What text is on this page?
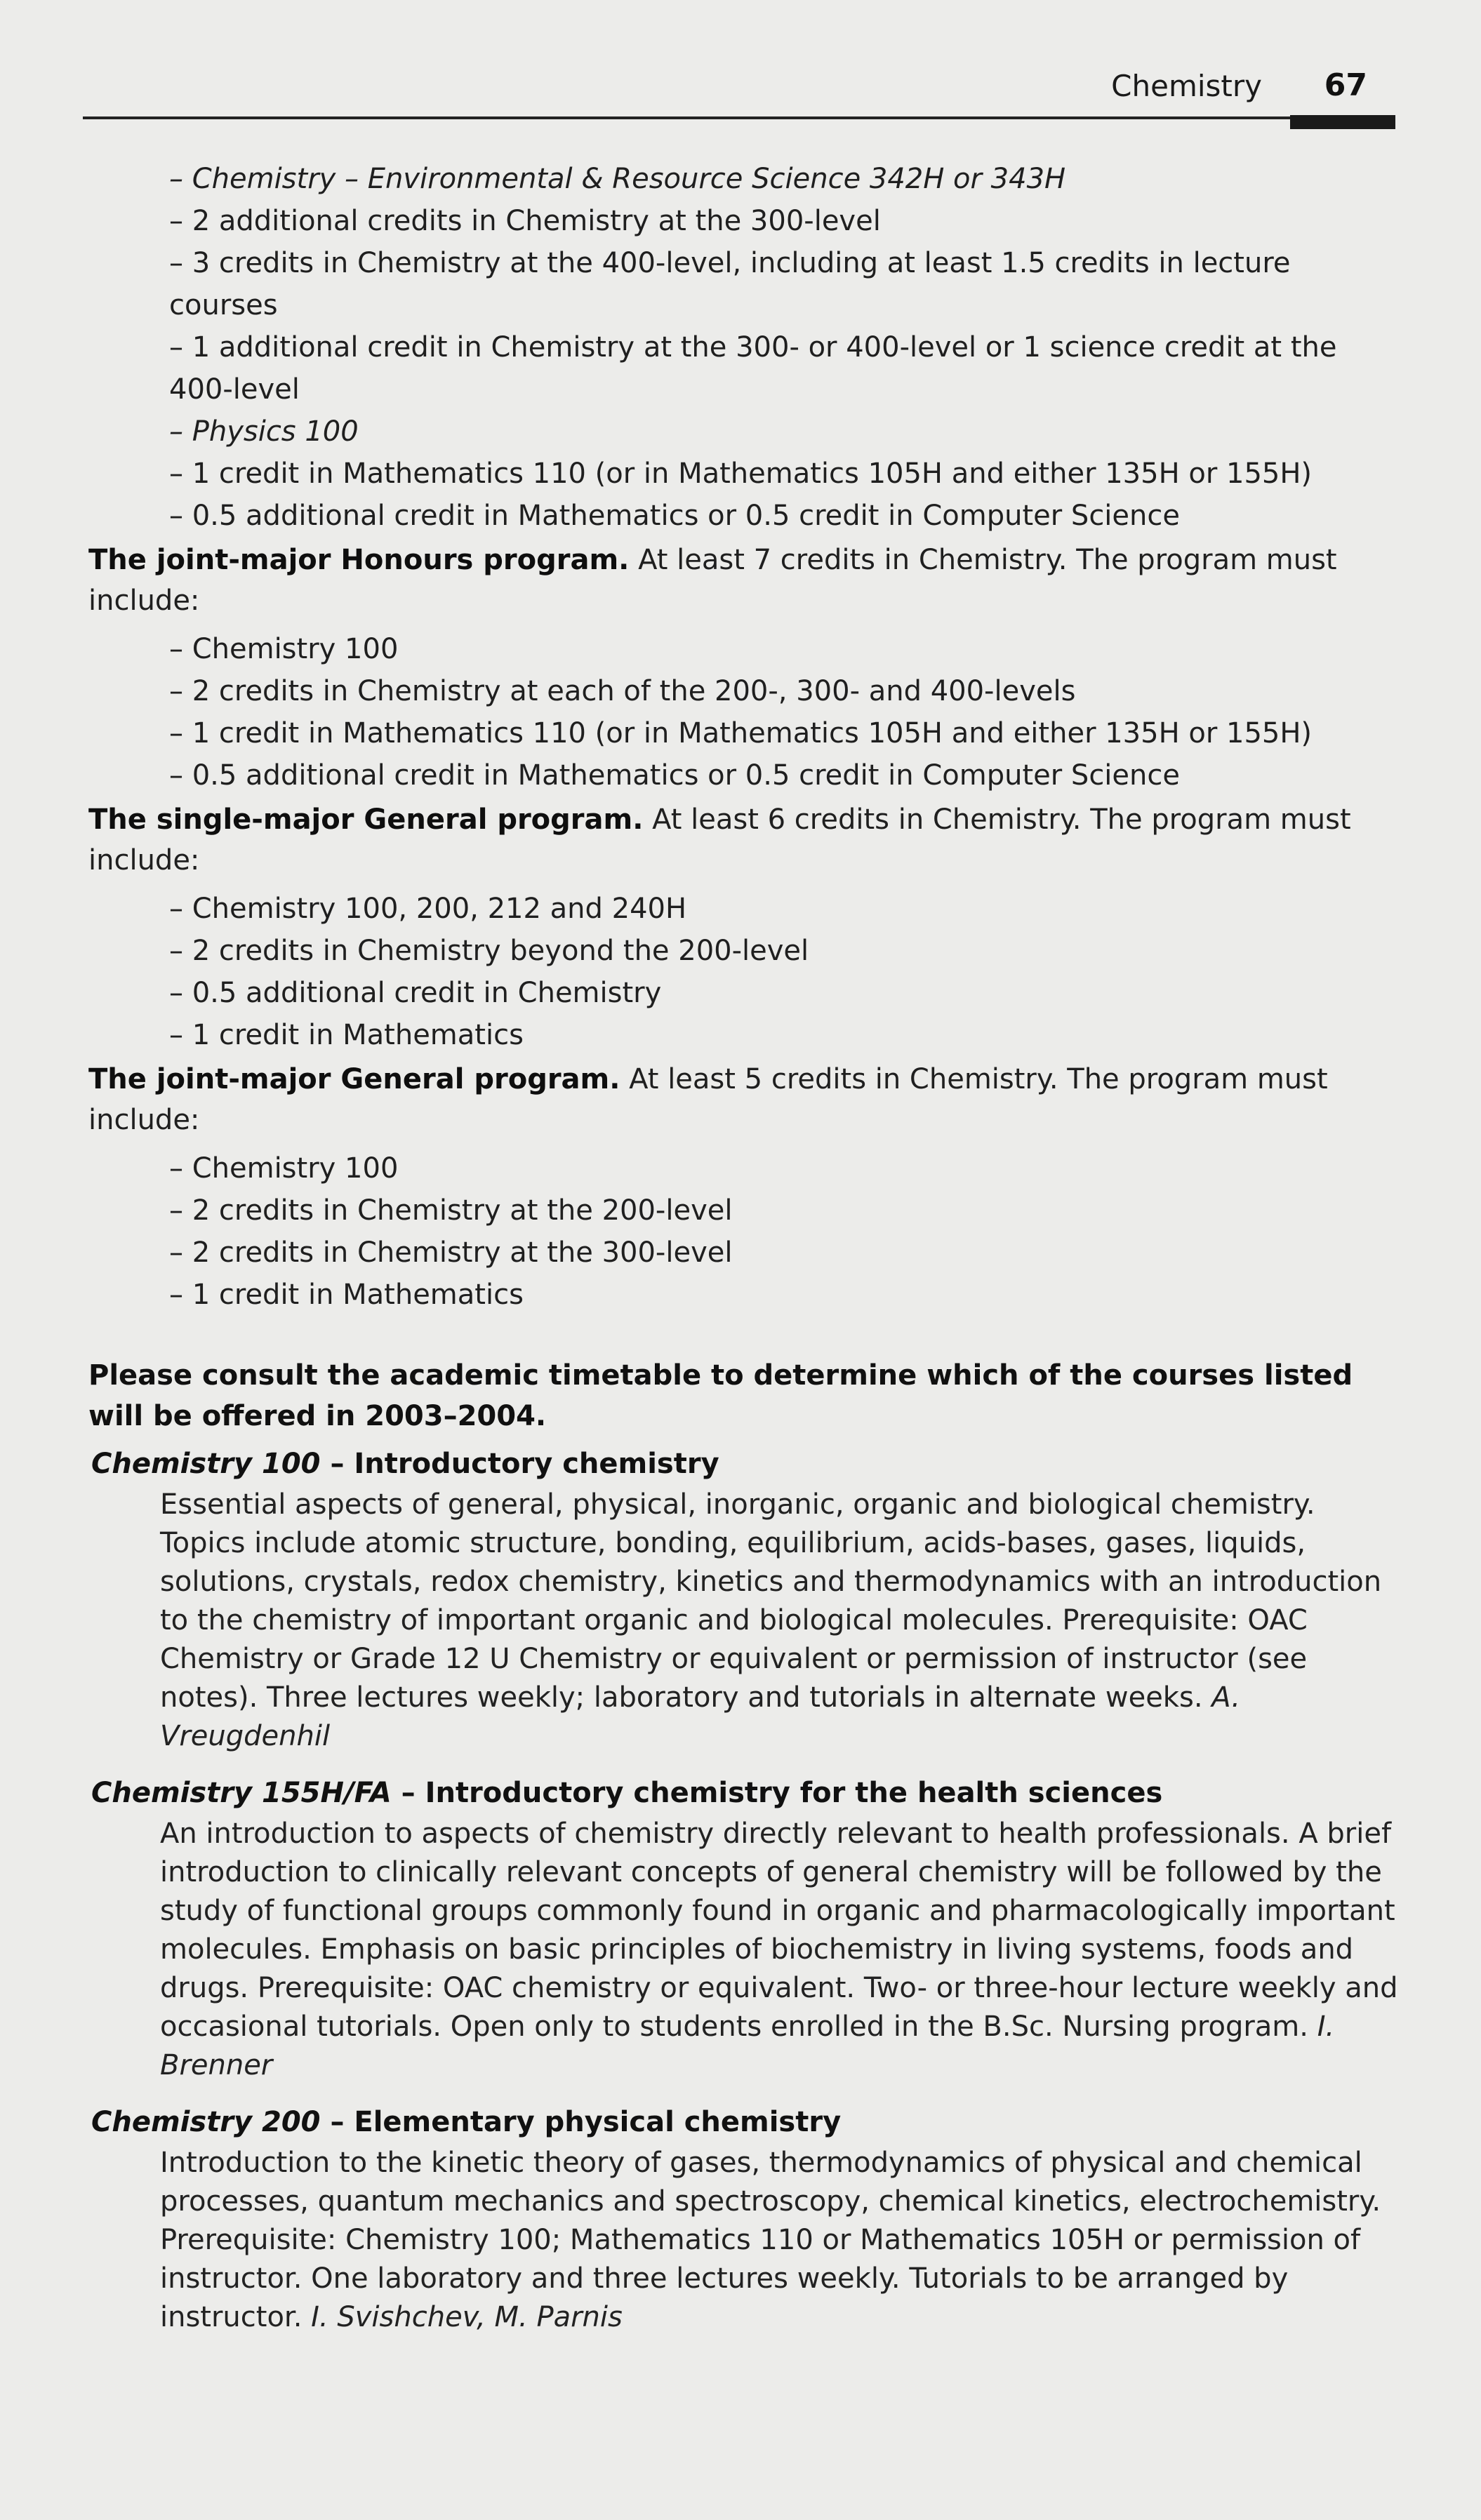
Chemistry 67
– Chemistry – Environmental & Resource Science 342H or 343H
– 2 additional credits in Chemistry at the 300-level
– 3 credits in Chemistry at the 400-level, including at least 1.5 credits in lecture courses
– 1 additional credit in Chemistry at the 300- or 400-level or 1 science credit at the 400-level
– Physics 100
– 1 credit in Mathematics 110 (or in Mathematics 105H and either 135H or 155H)
– 0.5 additional credit in Mathematics or 0.5 credit in Computer Science

The joint-major Honours program. At least 7 credits in Chemistry. The program must include:

– Chemistry 100
– 2 credits in Chemistry at each of the 200-, 300- and 400-levels
– 1 credit in Mathematics 110 (or in Mathematics 105H and either 135H or 155H)
– 0.5 additional credit in Mathematics or 0.5 credit in Computer Science

The single-major General program. At least 6 credits in Chemistry. The program must include:

– Chemistry 100, 200, 212 and 240H
– 2 credits in Chemistry beyond the 200-level
– 0.5 additional credit in Chemistry
– 1 credit in Mathematics

The joint-major General program. At least 5 credits in Chemistry. The program must include:

– Chemistry 100
– 2 credits in Chemistry at the 200-level
– 2 credits in Chemistry at the 300-level
– 1 credit in Mathematics

Please consult the academic timetable to determine which of the courses listed will be offered in 2003–2004.

Chemistry 100 – Introductory chemistry
Essential aspects of general, physical, inorganic, organic and biological chemistry. Topics include atomic structure, bonding, equilibrium, acids-bases, gases, liquids, solutions, crystals, redox chemistry, kinetics and thermodynamics with an introduction to the chemistry of important organic and biological molecules. Prerequisite: OAC Chemistry or Grade 12 U Chemistry or equivalent or permission of instructor (see notes). Three lectures weekly; laboratory and tutorials in alternate weeks. A. Vreugdenhil
Chemistry 155H/FA – Introductory chemistry for the health sciences
An introduction to aspects of chemistry directly relevant to health professionals. A brief introduction to clinically relevant concepts of general chemistry will be followed by the study of functional groups commonly found in organic and pharmacologically important molecules. Emphasis on basic principles of biochemistry in living systems, foods and drugs. Prerequisite: OAC chemistry or equivalent. Two- or three-hour lecture weekly and occasional tutorials. Open only to students enrolled in the B.Sc. Nursing program. I. Brenner
Chemistry 200 – Elementary physical chemistry
Introduction to the kinetic theory of gases, thermodynamics of physical and chemical processes, quantum mechanics and spectroscopy, chemical kinetics, electrochemistry. Prerequisite: Chemistry 100; Mathematics 110 or Mathematics 105H or permission of instructor. One laboratory and three lectures weekly. Tutorials to be arranged by instructor. I. Svishchev, M. Parnis
